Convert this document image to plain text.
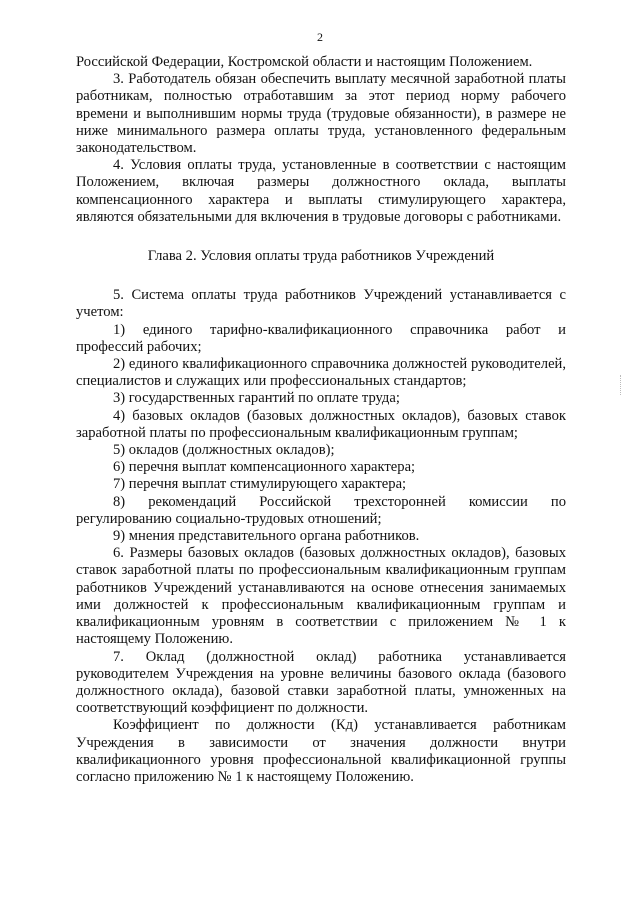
2

Российской Федерации, Костромской области и настоящим Положением.

3. Работодатель обязан обеспечить выплату месячной заработной платы работникам, полностью отработавшим за этот период норму рабочего времени и выполнившим нормы труда (трудовые обязанности), в размере не ниже минимального размера оплаты труда, установленного федеральным законодательством.

4. Условия оплаты труда, установленные в соответствии с настоящим Положением, включая размеры должностного оклада, выплаты компенсационного характера и выплаты стимулирующего характера, являются обязательными для включения в трудовые договоры с работниками.

Глава 2. Условия оплаты труда работников Учреждений

5. Система оплаты труда работников Учреждений устанавливается с учетом:

1) единого тарифно-квалификационного справочника работ и профессий рабочих;

2) единого квалификационного справочника должностей руководителей, специалистов и служащих или профессиональных стандартов;

3) государственных гарантий по оплате труда;

4) базовых окладов (базовых должностных окладов), базовых ставок заработной платы по профессиональным квалификационным группам;

5) окладов (должностных окладов);

6) перечня выплат компенсационного характера;

7) перечня выплат стимулирующего характера;

8) рекомендаций Российской трехсторонней комиссии по регулированию социально-трудовых отношений;

9) мнения представительного органа работников.

6. Размеры базовых окладов (базовых должностных окладов), базовых ставок заработной платы по профессиональным квалификационным группам работников Учреждений устанавливаются на основе отнесения занимаемых ими должностей к профессиональным квалификационным группам и квалификационным уровням в соответствии с приложением № 1 к настоящему Положению.

7. Оклад (должностной оклад) работника устанавливается руководителем Учреждения на уровне величины базового оклада (базового должностного оклада), базовой ставки заработной платы, умноженных на соответствующий коэффициент по должности.

Коэффициент по должности (Кд) устанавливается работникам Учреждения в зависимости от значения должности внутри квалификационного уровня профессиональной квалификационной группы согласно приложению № 1 к настоящему Положению.
